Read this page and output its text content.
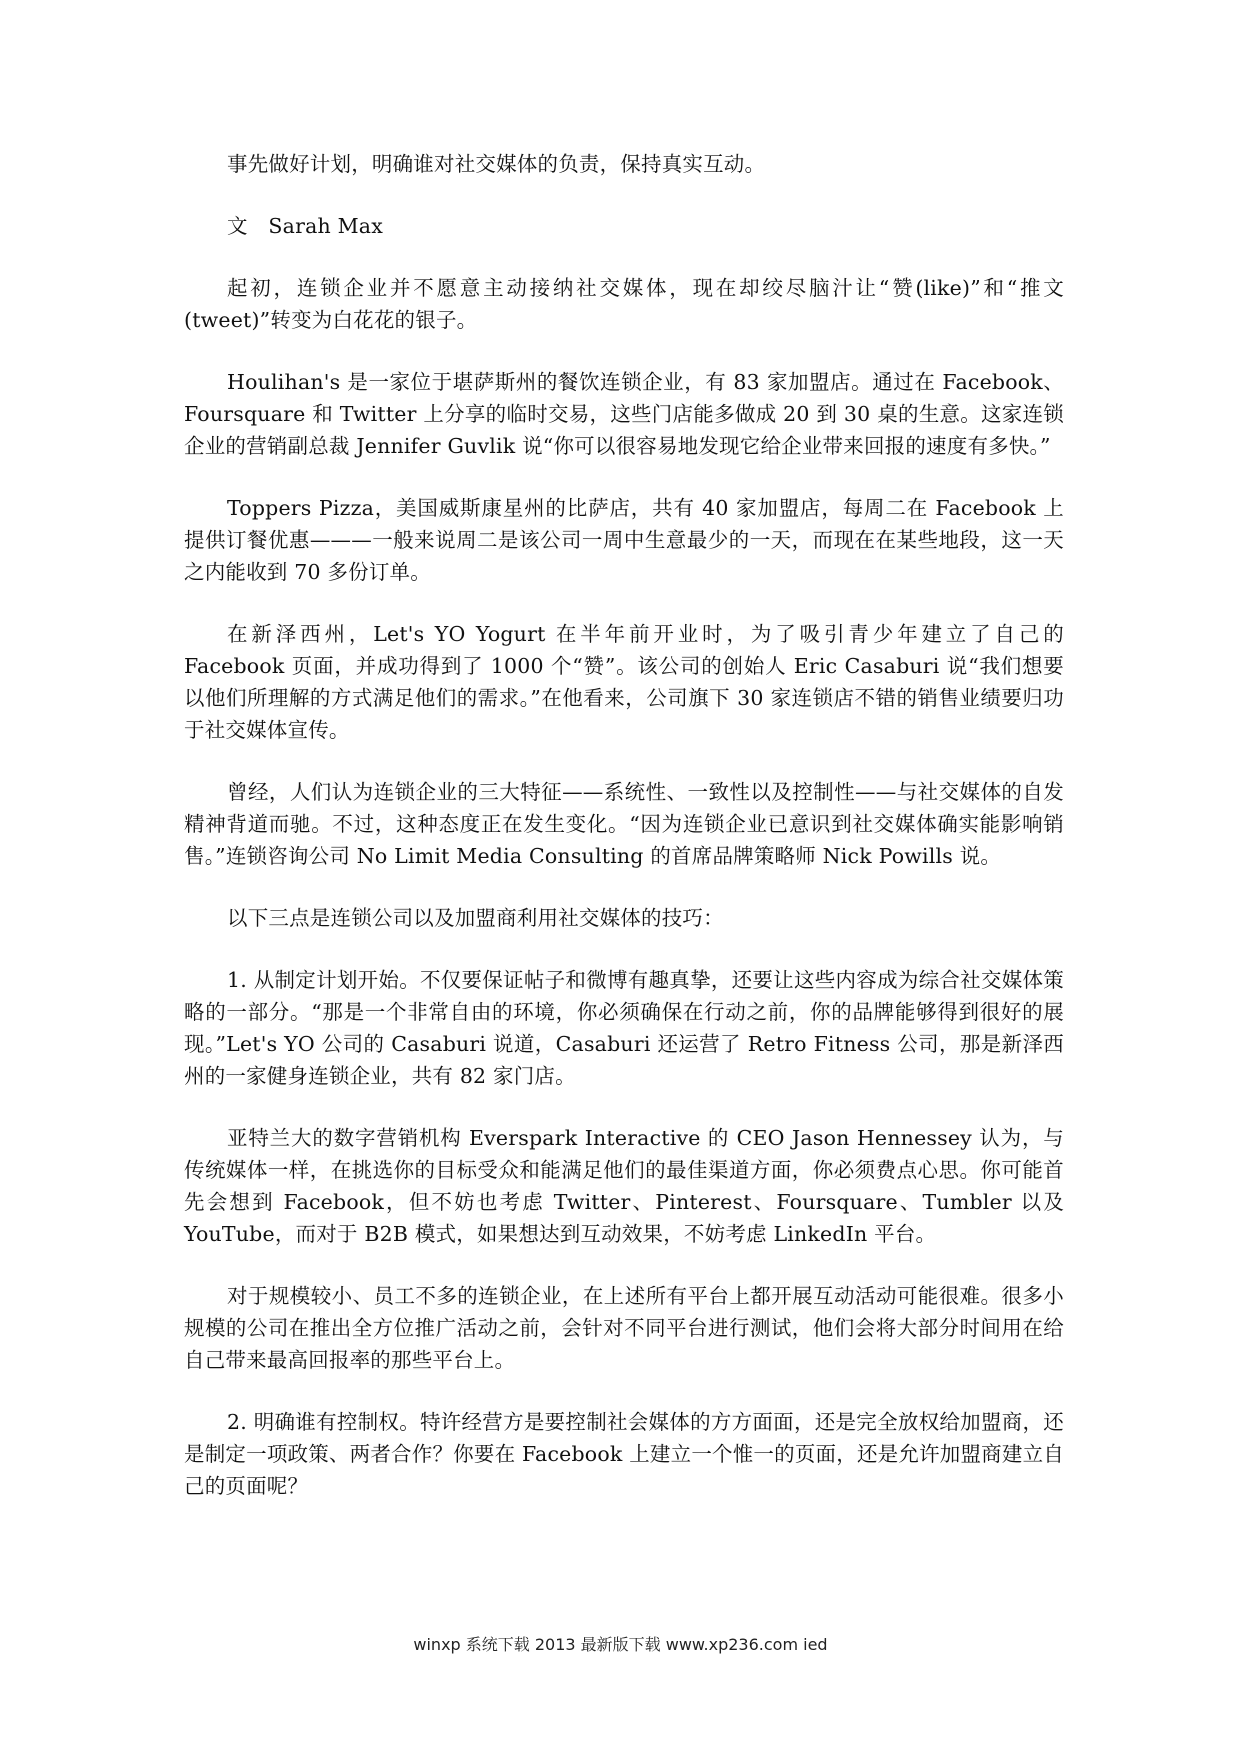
事先做好计划，明确谁对社交媒体的负责，保持真实互动。

文　Sarah Max

起初，连锁企业并不愿意主动接纳社交媒体，现在却绞尽脑汁让“赞(like)”和“推文(tweet)”转变为白花花的银子。

Houlihan's 是一家位于堪萨斯州的餐饮连锁企业，有 83 家加盟店。通过在 Facebook、Foursquare 和 Twitter 上分享的临时交易，这些门店能多做成 20 到 30 桌的生意。这家连锁企业的营销副总裁 Jennifer Guvlik 说“你可以很容易地发现它给企业带来回报的速度有多快。”

Toppers Pizza，美国威斯康星州的比萨店，共有 40 家加盟店，每周二在 Facebook 上提供订餐优惠———一般来说周二是该公司一周中生意最少的一天，而现在在某些地段，这一天之内能收到 70 多份订单。

在新泽西州，Let's YO Yogurt 在半年前开业时，为了吸引青少年建立了自己的 Facebook 页面，并成功得到了 1000 个“赞”。该公司的创始人 Eric Casaburi 说“我们想要以他们所理解的方式满足他们的需求。”在他看来，公司旗下 30 家连锁店不错的销售业绩要归功于社交媒体宣传。

曾经，人们认为连锁企业的三大特征——系统性、一致性以及控制性——与社交媒体的自发精神背道而驰。不过，这种态度正在发生变化。“因为连锁企业已意识到社交媒体确实能影响销售。”连锁咨询公司 No Limit Media Consulting 的首席品牌策略师 Nick Powills 说。

以下三点是连锁公司以及加盟商利用社交媒体的技巧：

1. 从制定计划开始。不仅要保证帖子和微博有趣真挚，还要让这些内容成为综合社交媒体策略的一部分。“那是一个非常自由的环境，你必须确保在行动之前，你的品牌能够得到很好的展现。”Let's YO 公司的 Casaburi 说道，Casaburi 还运营了 Retro Fitness 公司，那是新泽西州的一家健身连锁企业，共有 82 家门店。

亚特兰大的数字营销机构 Everspark Interactive 的 CEO Jason Hennessey 认为，与传统媒体一样，在挑选你的目标受众和能满足他们的最佳渠道方面，你必须费点心思。你可能首先会想到 Facebook，但不妨也考虑 Twitter、Pinterest、Foursquare、Tumbler 以及 YouTube，而对于 B2B 模式，如果想达到互动效果，不妨考虑 LinkedIn 平台。

对于规模较小、员工不多的连锁企业，在上述所有平台上都开展互动活动可能很难。很多小规模的公司在推出全方位推广活动之前，会针对不同平台进行测试，他们会将大部分时间用在给自己带来最高回报率的那些平台上。

2. 明确谁有控制权。特许经营方是要控制社会媒体的方方面面，还是完全放权给加盟商，还是制定一项政策、两者合作？你要在 Facebook 上建立一个惟一的页面，还是允许加盟商建立自己的页面呢？

winxp 系统下载 2013 最新版下载 www.xp236.com ied
